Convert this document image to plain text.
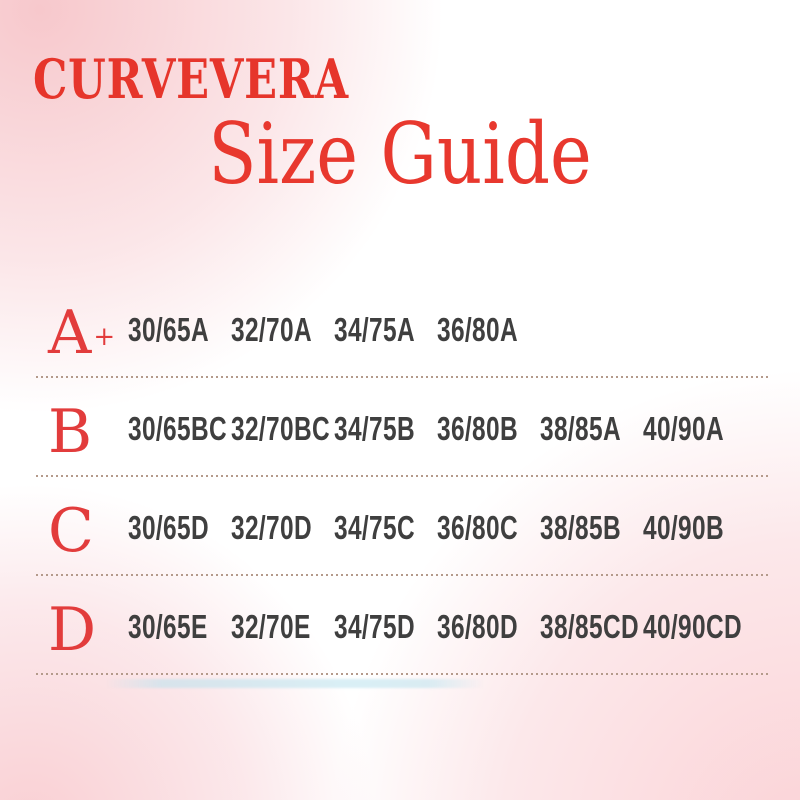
CURVEVERA
Size Guide
A + 30/65A 32/70A 34/75A 36/80A
B 30/65BC 32/70BC 34/75B 36/80B 38/85A 40/90A
C 30/65D 32/70D 34/75C 36/80C 38/85B 40/90B
D 30/65E 32/70E 34/75D 36/80D 38/85CD 40/90CD
